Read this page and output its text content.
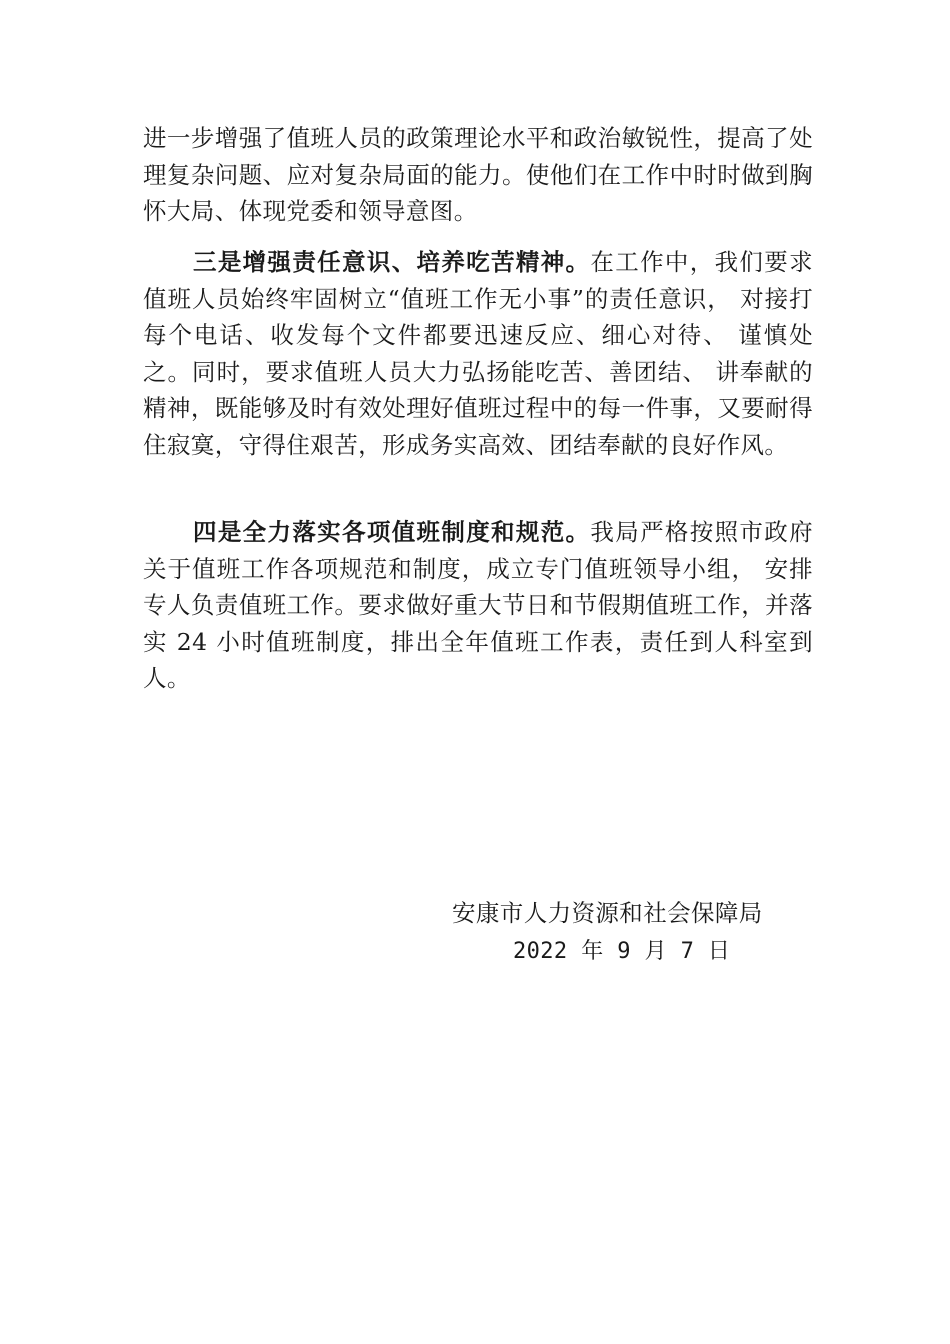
进一步增强了值班人员的政策理论水平和政治敏锐性，提高了处理复杂问题、应对复杂局面的能力。使他们在工作中时时做到胸怀大局、体现党委和领导意图。

三是增强责任意识、培养吃苦精神。在工作中，我们要求值班人员始终牢固树立“值班工作无小事”的责任意识， 对接打每个电话、收发每个文件都要迅速反应、细心对待、 谨慎处之。同时，要求值班人员大力弘扬能吃苦、善团结、 讲奉献的精神，既能够及时有效处理好值班过程中的每一件事，又要耐得住寂寞，守得住艰苦，形成务实高效、团结奉献的良好作风。

四是全力落实各项值班制度和规范。我局严格按照市政府关于值班工作各项规范和制度，成立专门值班领导小组， 安排专人负责值班工作。要求做好重大节日和节假期值班工作，并落实 24 小时值班制度，排出全年值班工作表，责任到人科室到人。

安康市人力资源和社会保障局
2022 年 9 月 7 日
